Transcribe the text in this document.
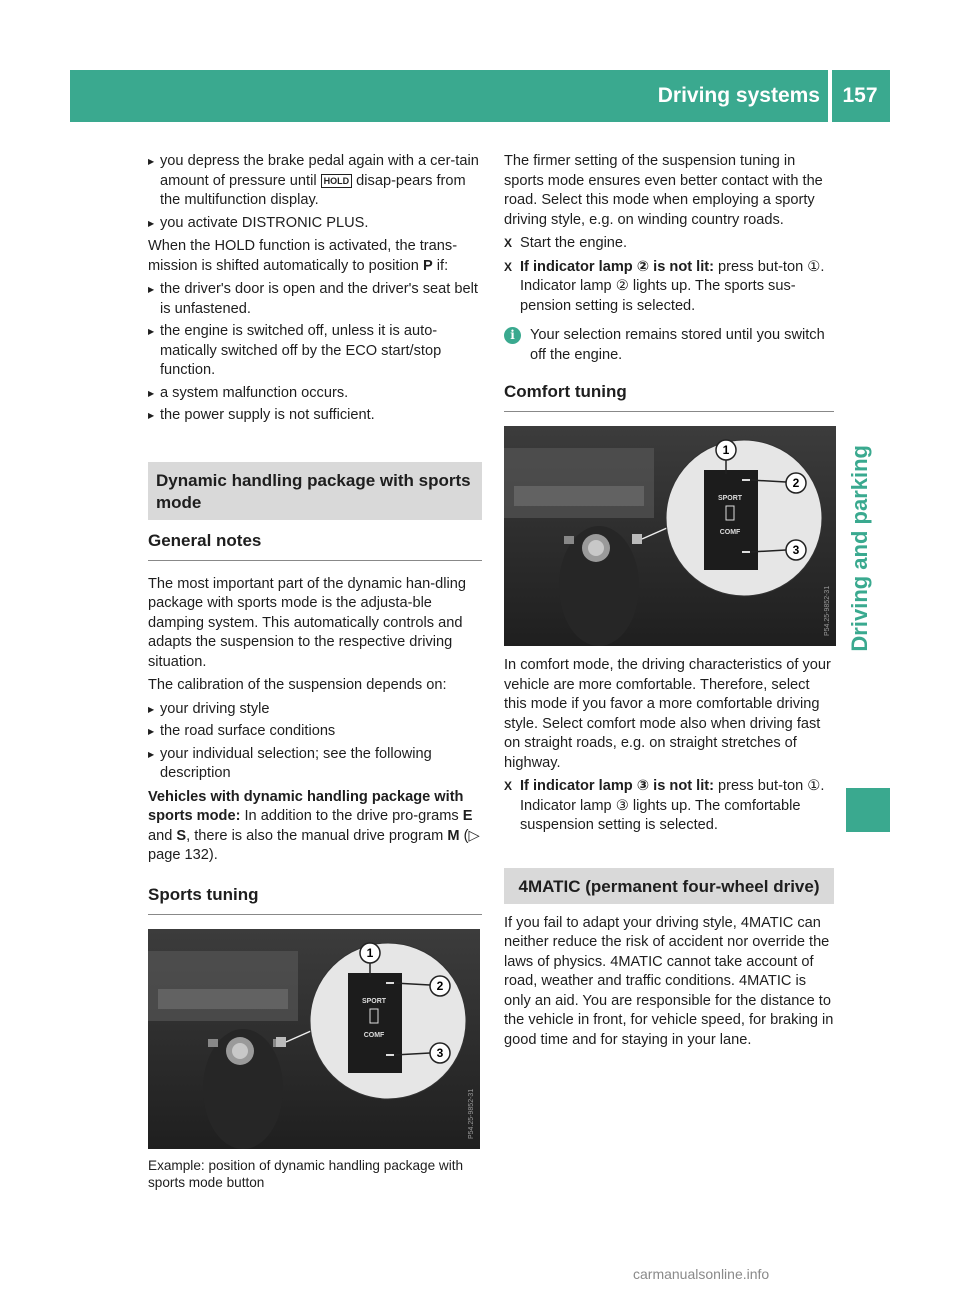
Driving systems	157
Driving and parking
▶ you depress the brake pedal again with a cer-tain amount of pressure until HOLD disap-pears from the multifunction display.
▶ you activate DISTRONIC PLUS.

When the HOLD function is activated, the trans-mission is shifted automatically to position P if:

▶ the driver's door is open and the driver's seat belt is unfastened.
▶ the engine is switched off, unless it is auto-matically switched off by the ECO start/stop function.
▶ a system malfunction occurs.
▶ the power supply is not sufficient.
Dynamic handling package with sports mode
General notes

The most important part of the dynamic han-dling package with sports mode is the adjusta-ble damping system. This automatically controls and adapts the suspension to the respective driving situation.

The calibration of the suspension depends on:

▶ your driving style
▶ the road surface conditions
▶ your individual selection; see the following description

Vehicles with dynamic handling package with sports mode: In addition to the drive pro-grams E and S, there is also the manual drive program M (▷ page 132).

Sports tuning
SPORT
COMF
1
2
3
P54.25-9852-31
Example: position of dynamic handling package with sports mode button

The firmer setting of the suspension tuning in sports mode ensures even better contact with the road. Select this mode when employing a sporty driving style, e.g. on winding country roads.

X Start the engine.
X If indicator lamp ② is not lit: press but-ton ①.
Indicator lamp ② lights up. The sports sus-pension setting is selected.
i	Your selection remains stored until you switch off the engine.
Comfort tuning
SPORT
COMF
1
2
3
P54.25-9852-31

In comfort mode, the driving characteristics of your vehicle are more comfortable. Therefore, select this mode if you favor a more comfortable driving style. Select comfort mode also when driving fast on straight roads, e.g. on straight stretches of highway.

X If indicator lamp ③ is not lit: press but-ton ①.
Indicator lamp ③ lights up. The comfortable suspension setting is selected.
4MATIC (permanent four-wheel drive)

If you fail to adapt your driving style, 4MATIC can neither reduce the risk of accident nor override the laws of physics. 4MATIC cannot take account of road, weather and traffic conditions. 4MATIC is only an aid. You are responsible for the distance to the vehicle in front, for vehicle speed, for braking in good time and for staying in your lane.

carmanualsonline.info
